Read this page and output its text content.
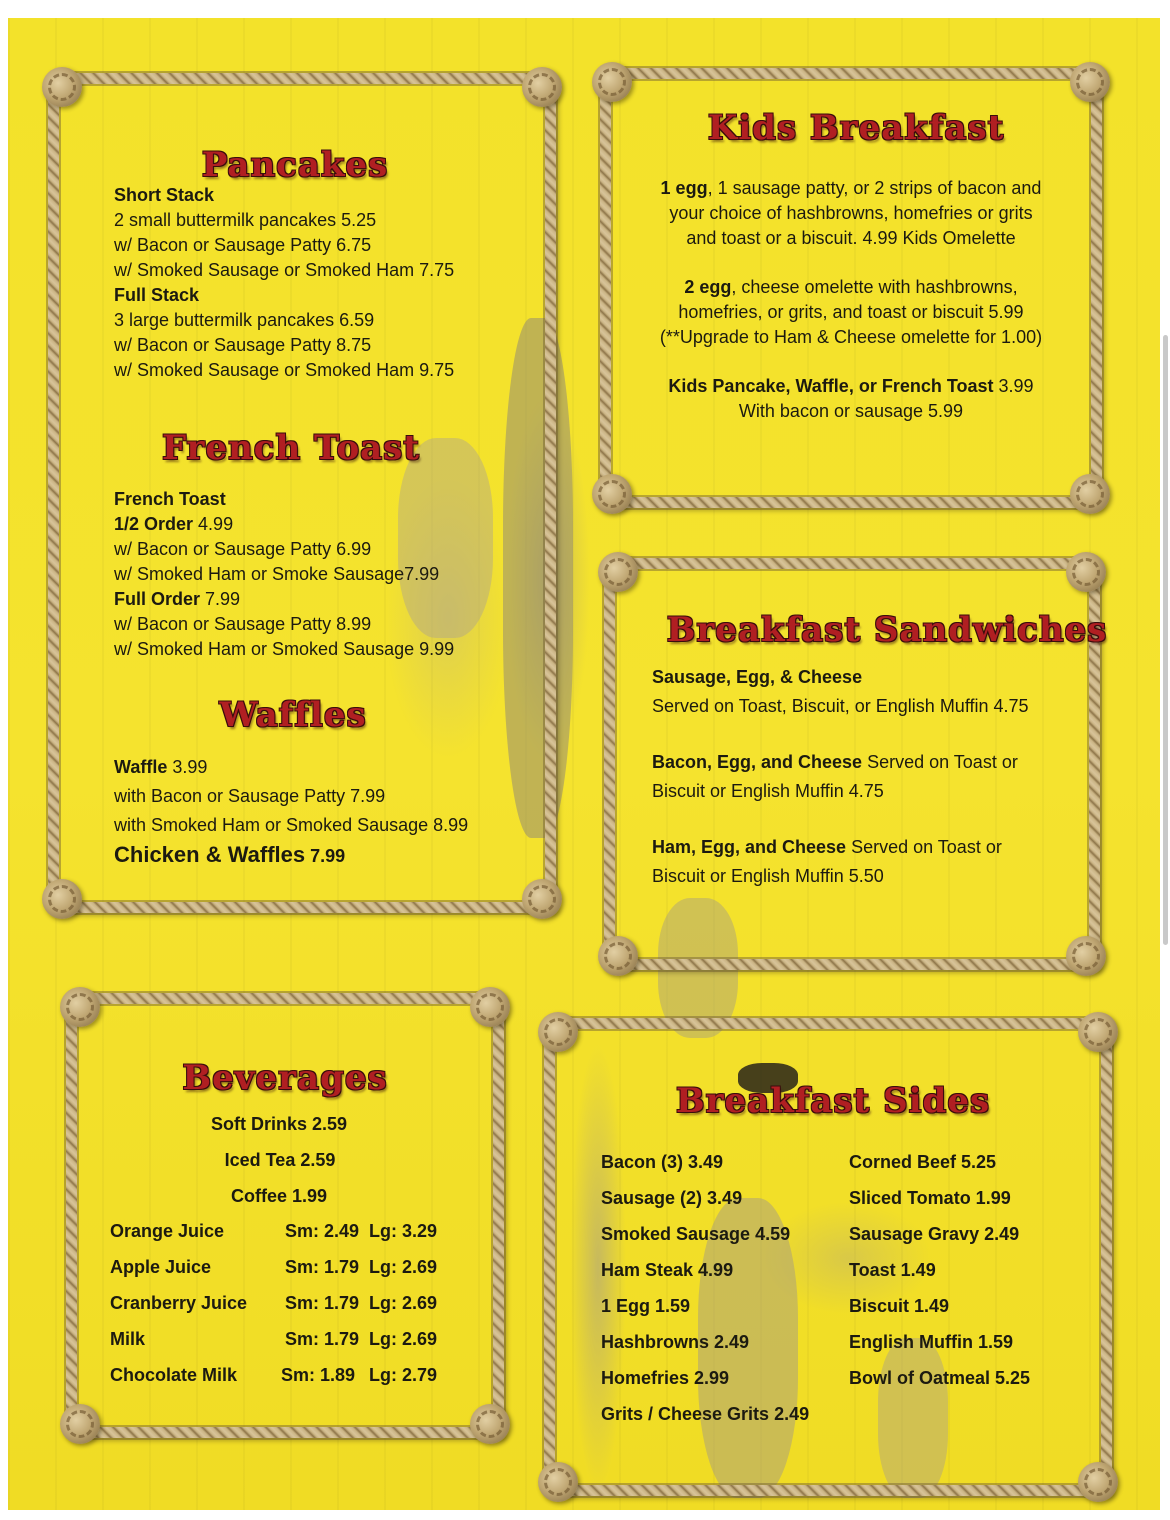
Pancakes
Short Stack
2 small buttermilk pancakes 5.25
w/ Bacon or Sausage Patty 6.75
w/ Smoked Sausage or Smoked Ham 7.75
Full Stack
3 large buttermilk pancakes 6.59
w/ Bacon or Sausage Patty 8.75
w/ Smoked Sausage or Smoked Ham 9.75
French Toast
French Toast
1/2 Order 4.99
w/ Bacon or Sausage Patty 6.99
w/ Smoked Ham or Smoke Sausage7.99
Full Order 7.99
w/ Bacon or Sausage Patty 8.99
w/ Smoked Ham or Smoked Sausage 9.99
Waffles
Waffle 3.99
with Bacon or Sausage Patty 7.99
with Smoked Ham or Smoked Sausage 8.99
Chicken & Waffles 7.99
Kids Breakfast
1 egg, 1 sausage patty, or 2 strips of bacon and
your choice of hashbrowns, homefries or grits
and toast or a biscuit. 4.99 Kids Omelette
2 egg, cheese omelette with hashbrowns,
homefries, or grits, and toast or biscuit 5.99
(**Upgrade to Ham & Cheese omelette for 1.00)
Kids Pancake, Waffle, or French Toast 3.99
With bacon or sausage 5.99
Breakfast Sandwiches
Sausage, Egg, & Cheese
Served on Toast, Biscuit, or English Muffin 4.75
Bacon, Egg, and Cheese Served on Toast or
Biscuit or English Muffin 4.75
Ham, Egg, and Cheese Served on Toast or
Biscuit or English Muffin 5.50
Beverages
Soft Drinks 2.59
Iced Tea 2.59
Coffee 1.99
Orange Juice	Sm: 2.49 Lg: 3.29
Apple Juice	Sm: 1.79 Lg: 2.69
Cranberry Juice Sm: 1.79 Lg: 2.69
Milk	Sm: 1.79 Lg: 2.69
Chocolate Milk Sm: 1.89 Lg: 2.79
Breakfast Sides
Bacon (3) 3.49
Sausage (2) 3.49
Smoked Sausage 4.59
Ham Steak 4.99
1 Egg 1.59
Hashbrowns 2.49
Homefries 2.99
Grits / Cheese Grits 2.49
Corned Beef 5.25
Sliced Tomato 1.99
Sausage Gravy 2.49
Toast 1.49
Biscuit 1.49
English Muffin 1.59
Bowl of Oatmeal 5.25
